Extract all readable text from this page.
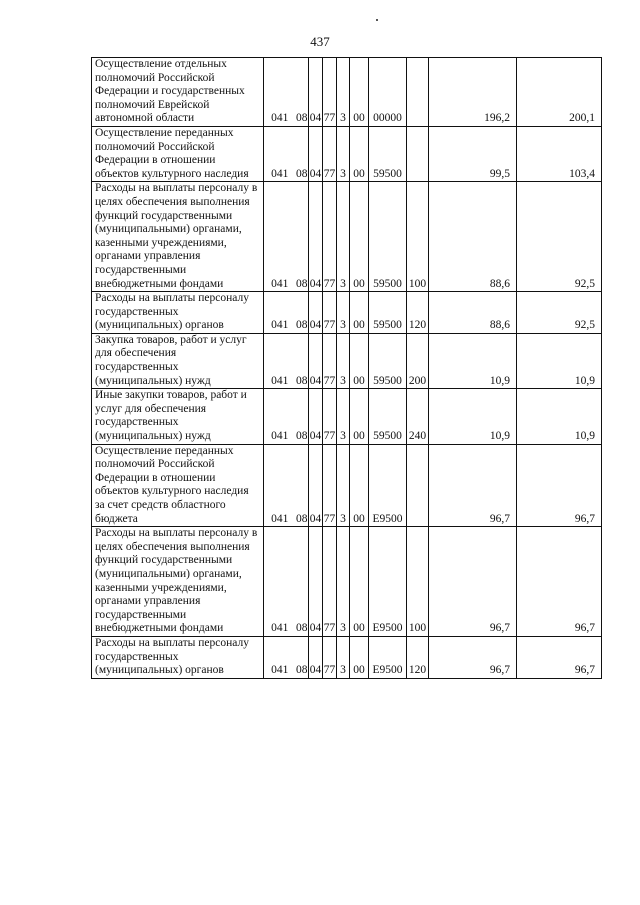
437
Осуществление отдельных полномочий Российской Федерации и государственных полномочий Еврейской автономной области	041	08	04	77	3	00	00000		196,2	200,1
Осуществление переданных полномочий Российской Федерации в отношении объектов культурного наследия	041	08	04	77	3	00	59500		99,5	103,4
Расходы на выплаты персоналу в целях обеспечения выполнения функций государственными (муниципальными) органами, казенными учреждениями, органами управления государственными внебюджетными фондами	041	08	04	77	3	00	59500	100	88,6	92,5
Расходы на выплаты персоналу государственных (муниципальных) органов	041	08	04	77	3	00	59500	120	88,6	92,5
Закупка товаров, работ и услуг для обеспечения государственных (муниципальных) нужд	041	08	04	77	3	00	59500	200	10,9	10,9
Иные закупки товаров, работ и услуг для обеспечения государственных (муниципальных) нужд	041	08	04	77	3	00	59500	240	10,9	10,9
Осуществление переданных полномочий Российской Федерации в отношении объектов культурного наследия за счет средств областного бюджета	041	08	04	77	3	00	E9500		96,7	96,7
Расходы на выплаты персоналу в целях обеспечения выполнения функций государственными (муниципальными) органами, казенными учреждениями, органами управления государственными внебюджетными фондами	041	08	04	77	3	00	E9500	100	96,7	96,7
Расходы на выплаты персоналу государственных (муниципальных) органов	041	08	04	77	3	00	E9500	120	96,7	96,7
